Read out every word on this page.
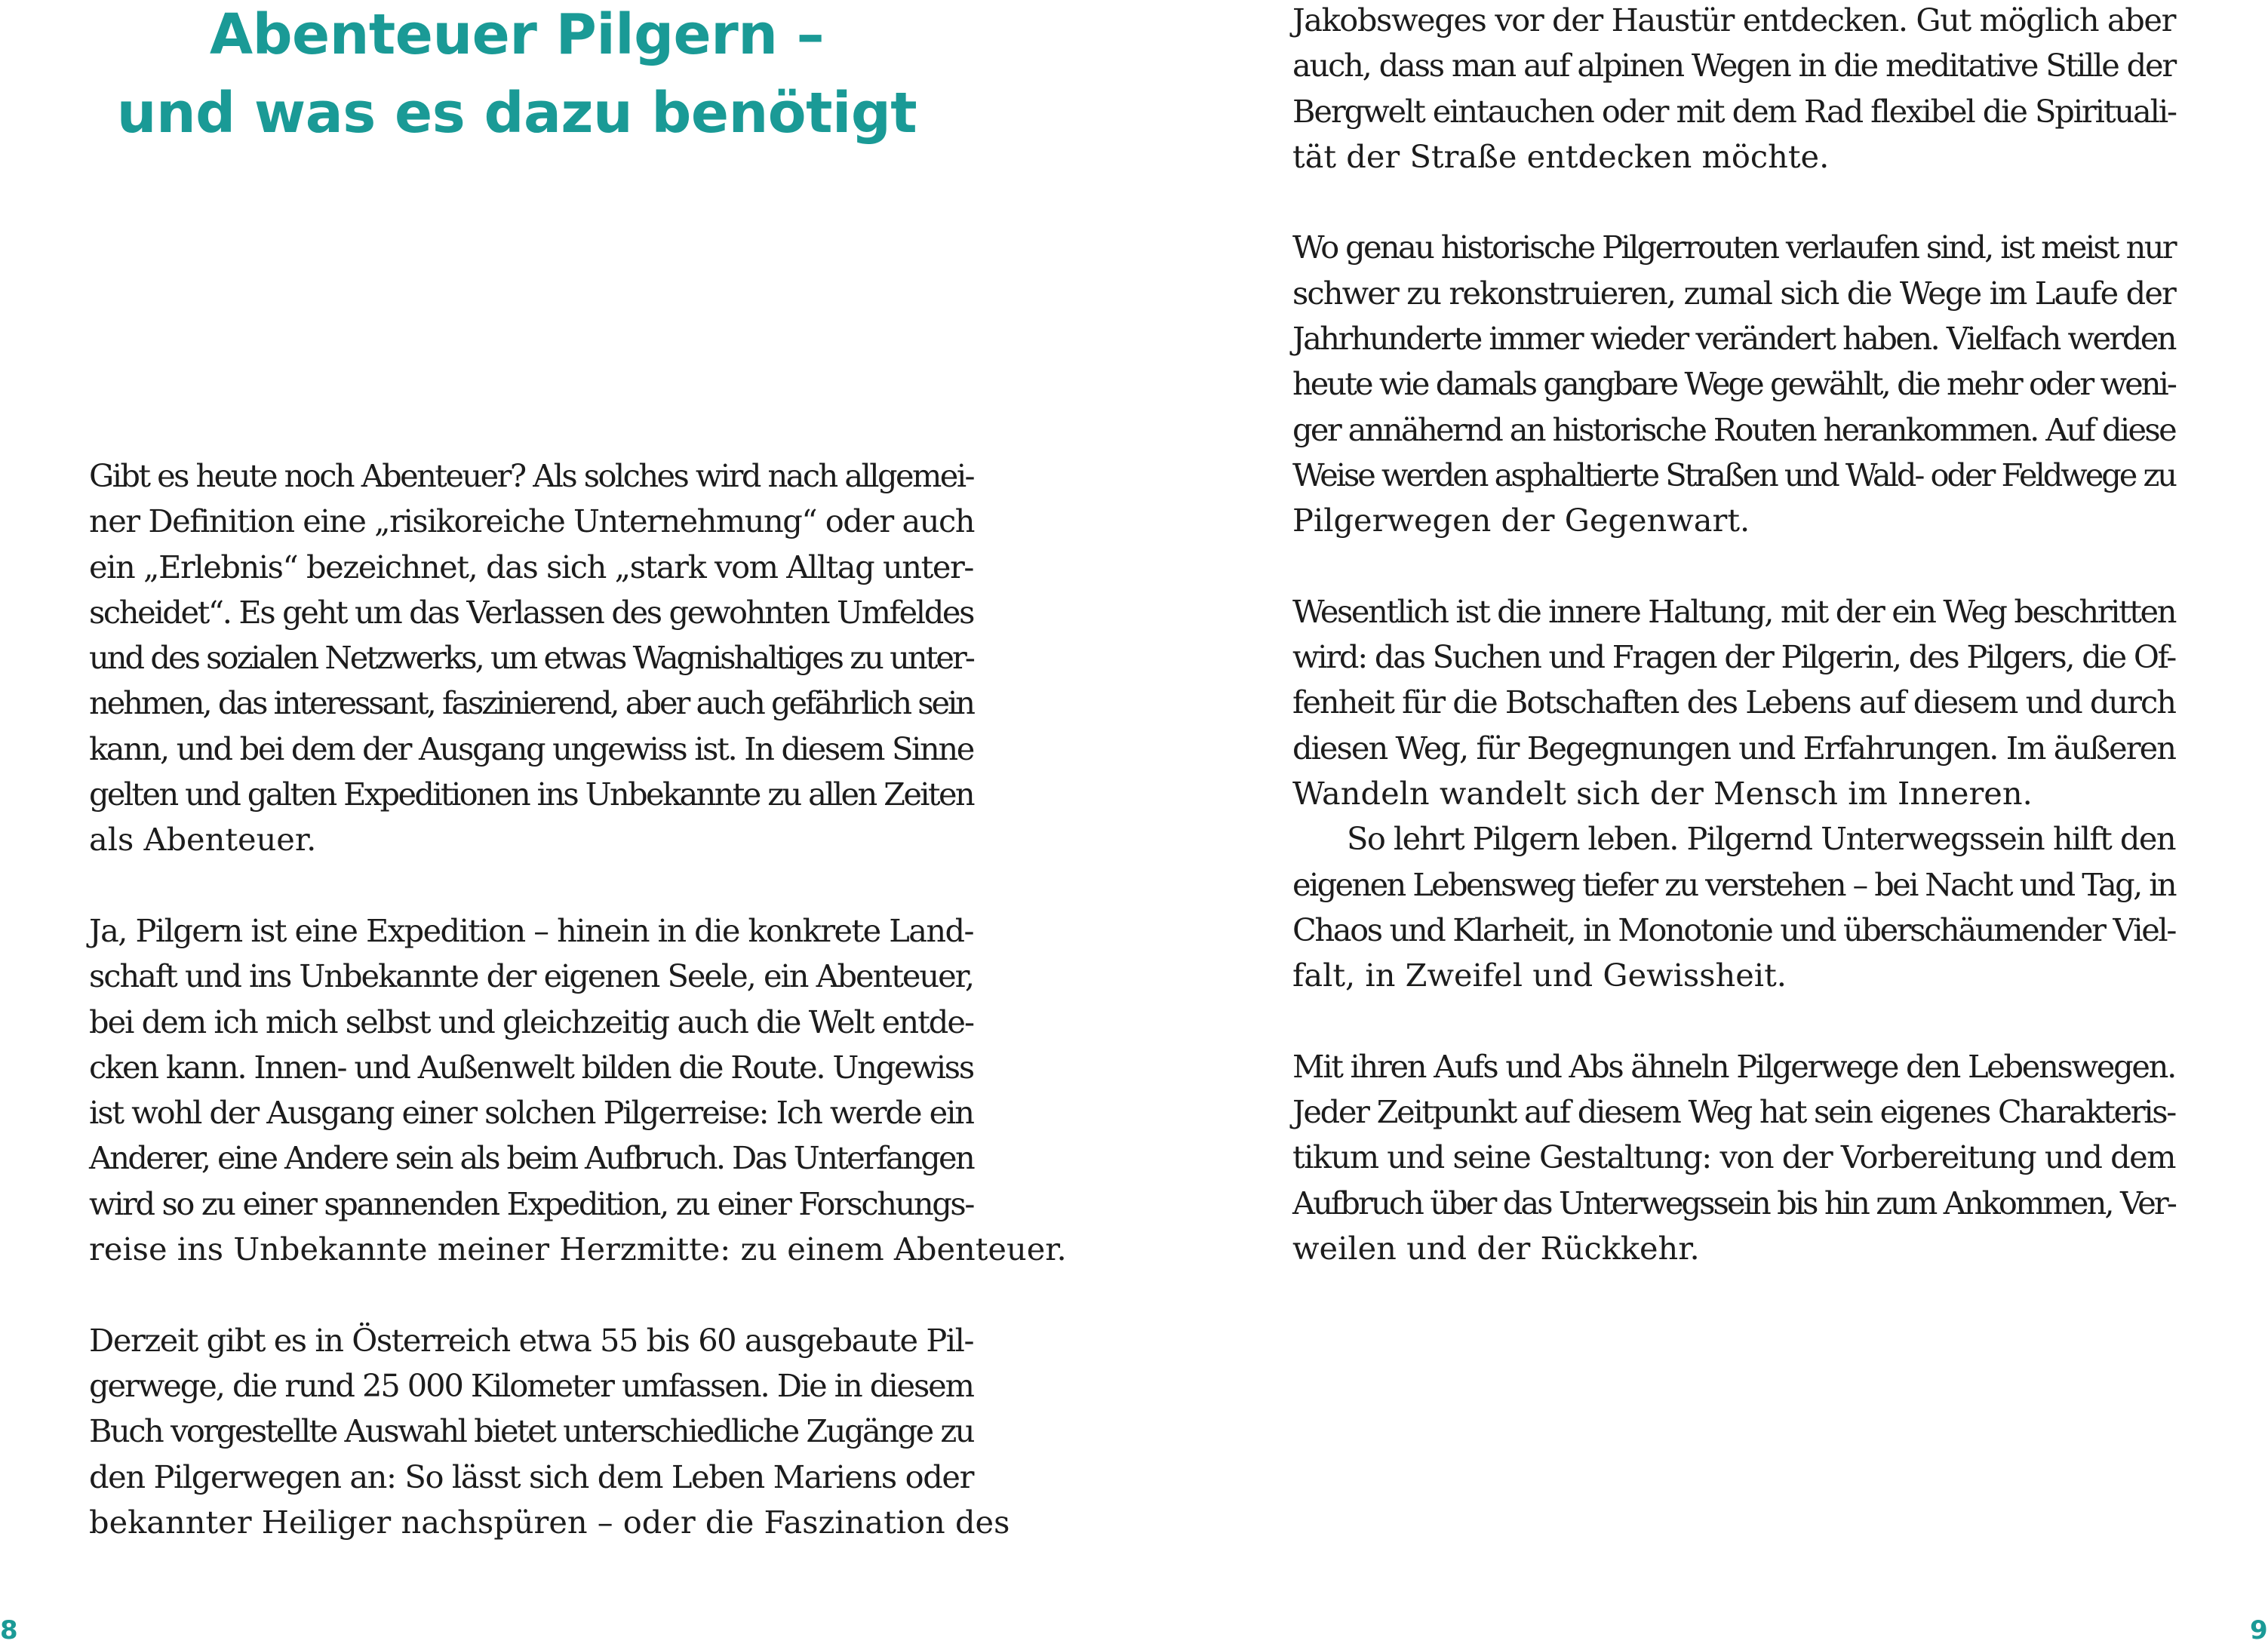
Abenteuer Pilgern –
und was es dazu benötigt

Gibt es heute noch Abenteuer? Als solches wird nach allgemei-
ner Definition eine „risikoreiche Unternehmung“ oder auch
ein „Erlebnis“ bezeichnet, das sich „stark vom Alltag unter-
scheidet“. Es geht um das Verlassen des gewohnten Umfeldes
und des sozialen Netzwerks, um etwas Wagnishaltiges zu unter-
nehmen, das interessant, faszinierend, aber auch gefährlich sein
kann, und bei dem der Ausgang ungewiss ist. In diesem Sinne
gelten und galten Expeditionen ins Unbekannte zu allen Zeiten
als Abenteuer.

Ja, Pilgern ist eine Expedition – hinein in die konkrete Land-
schaft und ins Unbekannte der eigenen Seele, ein Abenteuer,
bei dem ich mich selbst und gleichzeitig auch die Welt entde-
cken kann. Innen- und Außenwelt bilden die Route. Ungewiss
ist wohl der Ausgang einer solchen Pilgerreise: Ich werde ein
Anderer, eine Andere sein als beim Aufbruch. Das Unterfangen
wird so zu einer spannenden Expedition, zu einer Forschungs-
reise ins Unbekannte meiner Herzmitte: zu einem Abenteuer.

Derzeit gibt es in Österreich etwa 55 bis 60 ausgebaute Pil-
gerwege, die rund 25 000 Kilometer umfassen. Die in diesem
Buch vorgestellte Auswahl bietet unterschiedliche Zugänge zu
den Pilgerwegen an: So lässt sich dem Leben Mariens oder
bekannter Heiliger nachspüren – oder die Faszination des

8

Jakobsweges vor der Haustür entdecken. Gut möglich aber
auch, dass man auf alpinen Wegen in die meditative Stille der
Bergwelt eintauchen oder mit dem Rad flexibel die Spirituali-
tät der Straße entdecken möchte.

Wo genau historische Pilgerrouten verlaufen sind, ist meist nur
schwer zu rekonstruieren, zumal sich die Wege im Laufe der
Jahrhunderte immer wieder verändert haben. Vielfach werden
heute wie damals gangbare Wege gewählt, die mehr oder weni-
ger annähernd an historische Routen herankommen. Auf diese
Weise werden asphaltierte Straßen und Wald- oder Feldwege zu
Pilgerwegen der Gegenwart.

Wesentlich ist die innere Haltung, mit der ein Weg beschritten
wird: das Suchen und Fragen der Pilgerin, des Pilgers, die Of-
fenheit für die Botschaften des Lebens auf diesem und durch
diesen Weg, für Begegnungen und Erfahrungen. Im äußeren
Wandeln wandelt sich der Mensch im Inneren.

So lehrt Pilgern leben. Pilgernd Unterwegssein hilft den
eigenen Lebensweg tiefer zu verstehen – bei Nacht und Tag, in
Chaos und Klarheit, in Monotonie und überschäumender Viel-
falt, in Zweifel und Gewissheit.

Mit ihren Aufs und Abs ähneln Pilgerwege den Lebenswegen.
Jeder Zeitpunkt auf diesem Weg hat sein eigenes Charakteris-
tikum und seine Gestaltung: von der Vorbereitung und dem
Aufbruch über das Unterwegssein bis hin zum Ankommen, Ver-
weilen und der Rückkehr.

9
